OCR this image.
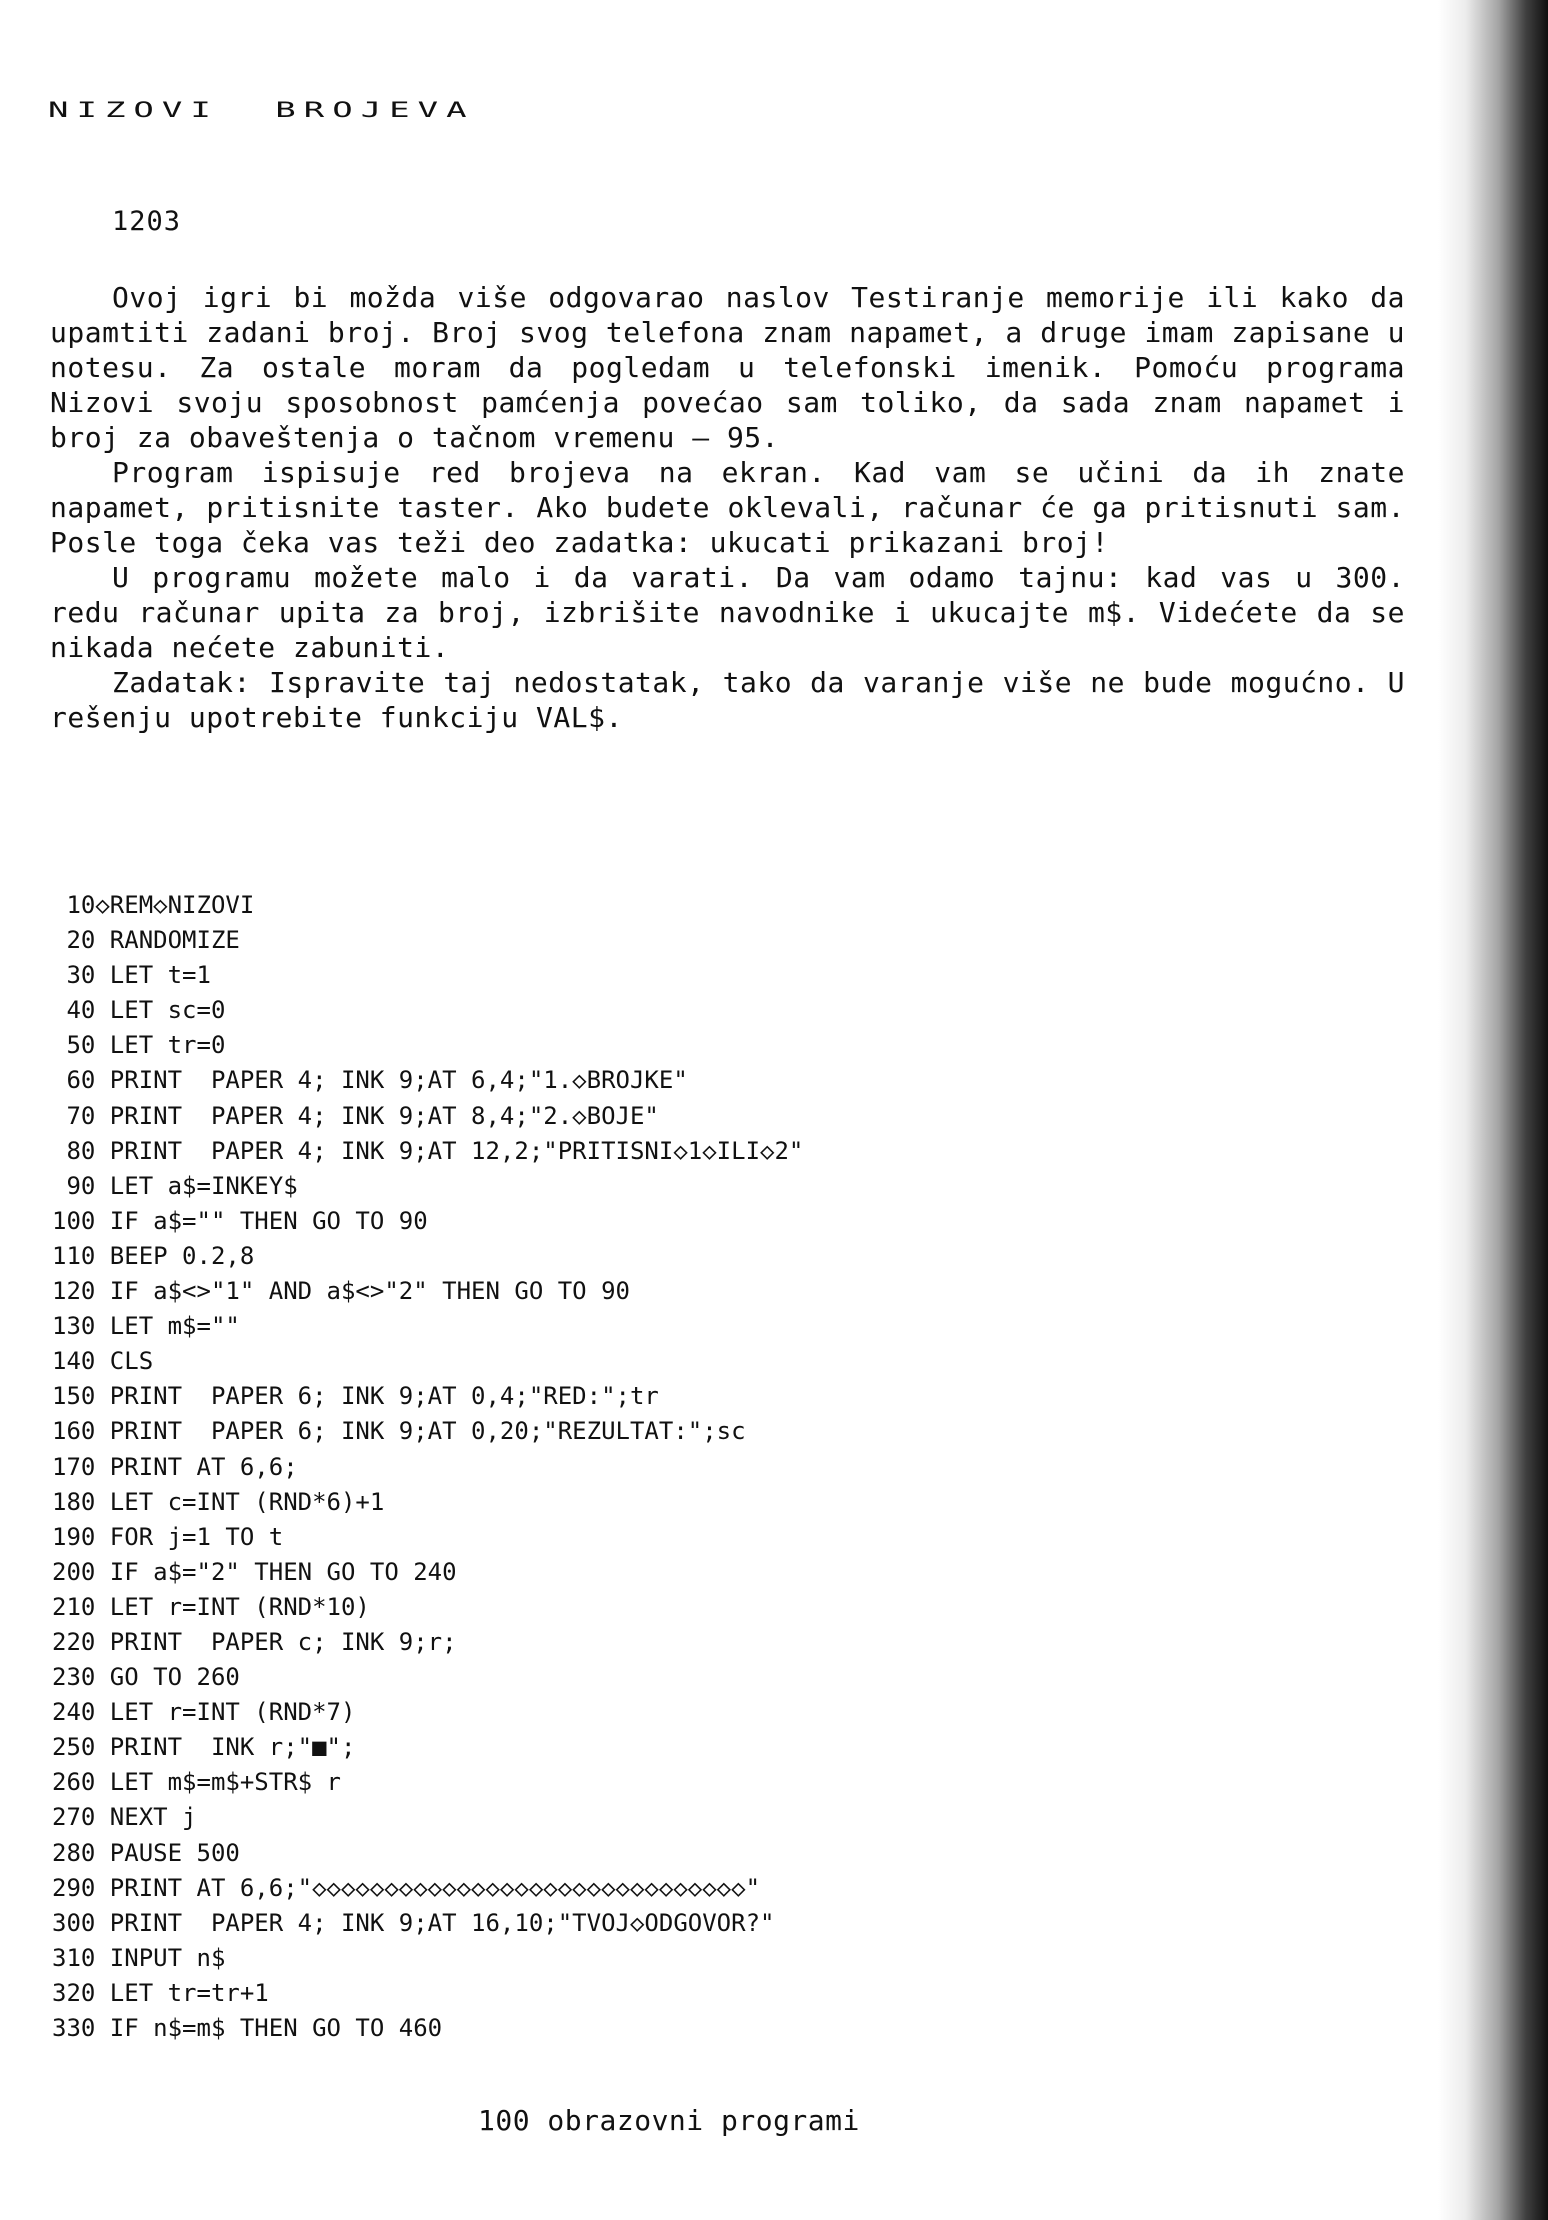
NIZOVI BROJEVA
1203

Ovoj igri bi možda više odgovarao naslov Testiranje memorije ili kako da upamtiti zadani broj. Broj svog telefona znam napamet, a druge imam zapisane u notesu. Za ostale moram da pogledam u telefonski imenik. Pomoću programa Nizovi svoju sposobnost pamćenja povećao sam toliko, da sada znam napamet i broj za obaveštenja o tačnom vremenu – 95.

Program ispisuje red brojeva na ekran. Kad vam se učini da ih znate napamet, pritisnite taster. Ako budete oklevali, računar će ga pritisnuti sam. Posle toga čeka vas teži deo zadatka: ukucati prikazani broj!

U programu možete malo i da varati. Da vam odamo tajnu: kad vas u 300. redu računar upita za broj, izbrišite navodnike i ukucajte m$. Videćete da se nikada nećete zabuniti.

Zadatak: Ispravite taj nedostatak, tako da varanje više ne bude mogućno. U rešenju upotrebite funkciju VAL$.

10◇REM◇NIZOVI
20 RANDOMIZE
30 LET t=1
40 LET sc=0
50 LET tr=0
60 PRINT  PAPER 4; INK 9;AT 6,4;"1.◇BROJKE"
70 PRINT  PAPER 4; INK 9;AT 8,4;"2.◇BOJE"
80 PRINT  PAPER 4; INK 9;AT 12,2;"PRITISNI◇1◇ILI◇2"
90 LET a$=INKEY$
100 IF a$="" THEN GO TO 90
110 BEEP 0.2,8
120 IF a$<>"1" AND a$<>"2" THEN GO TO 90
130 LET m$=""
140 CLS
150 PRINT  PAPER 6; INK 9;AT 0,4;"RED:";tr
160 PRINT  PAPER 6; INK 9;AT 0,20;"REZULTAT:";sc
170 PRINT AT 6,6;
180 LET c=INT (RND*6)+1
190 FOR j=1 TO t
200 IF a$="2" THEN GO TO 240
210 LET r=INT (RND*10)
220 PRINT  PAPER c; INK 9;r;
230 GO TO 260
240 LET r=INT (RND*7)
250 PRINT  INK r;"■";
260 LET m$=m$+STR$ r
270 NEXT j
280 PAUSE 500
290 PRINT AT 6,6;"◇◇◇◇◇◇◇◇◇◇◇◇◇◇◇◇◇◇◇◇◇◇◇◇◇◇◇◇◇◇"
300 PRINT  PAPER 4; INK 9;AT 16,10;"TVOJ◇ODGOVOR?"
310 INPUT n$
320 LET tr=tr+1
330 IF n$=m$ THEN GO TO 460
100 obrazovni programi
